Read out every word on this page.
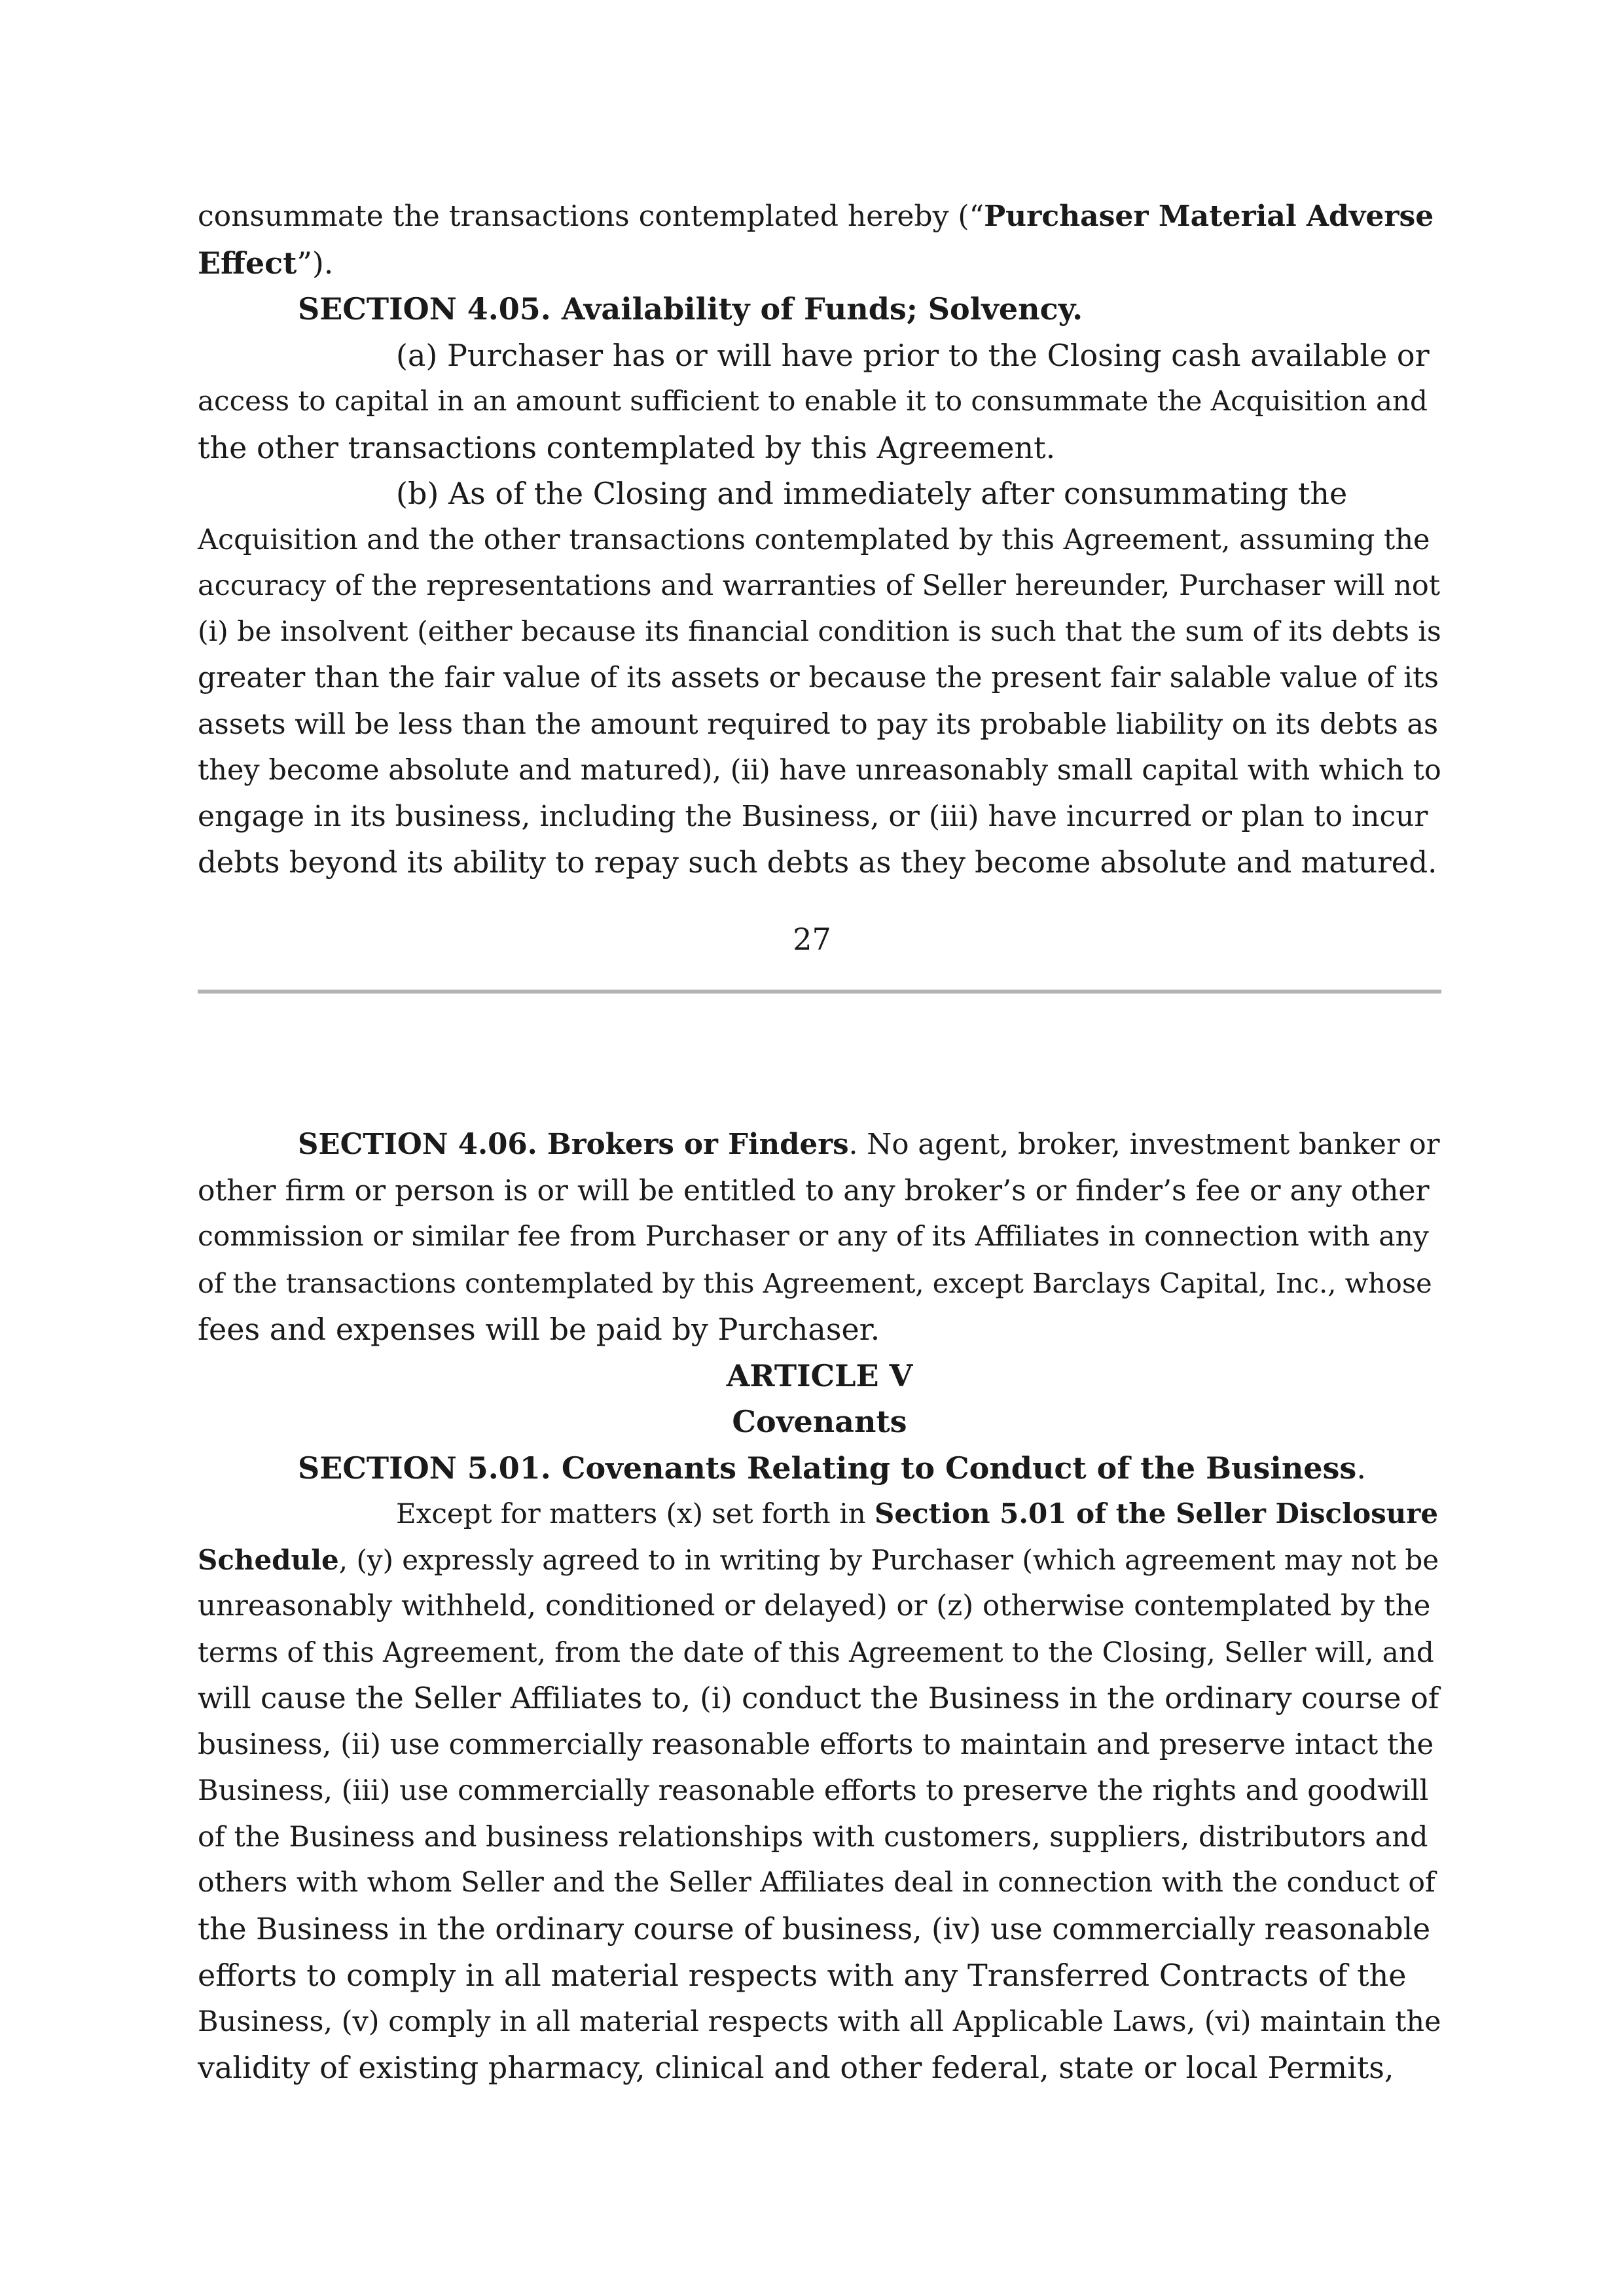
consummate the transactions contemplated hereby (“Purchaser Material Adverse
Effect”).
SECTION 4.05. Availability of Funds; Solvency.
(a) Purchaser has or will have prior to the Closing cash available or
access to capital in an amount sufficient to enable it to consummate the Acquisition and
the other transactions contemplated by this Agreement.
(b) As of the Closing and immediately after consummating the
Acquisition and the other transactions contemplated by this Agreement, assuming the
accuracy of the representations and warranties of Seller hereunder, Purchaser will not
(i) be insolvent (either because its financial condition is such that the sum of its debts is
greater than the fair value of its assets or because the present fair salable value of its
assets will be less than the amount required to pay its probable liability on its debts as
they become absolute and matured), (ii) have unreasonably small capital with which to
engage in its business, including the Business, or (iii) have incurred or plan to incur
debts beyond its ability to repay such debts as they become absolute and matured.
27
SECTION 4.06. Brokers or Finders. No agent, broker, investment banker or
other firm or person is or will be entitled to any broker’s or finder’s fee or any other
commission or similar fee from Purchaser or any of its Affiliates in connection with any
of the transactions contemplated by this Agreement, except Barclays Capital, Inc., whose
fees and expenses will be paid by Purchaser.
ARTICLE V
Covenants
SECTION 5.01. Covenants Relating to Conduct of the Business.
Except for matters (x) set forth in Section 5.01 of the Seller Disclosure
Schedule, (y) expressly agreed to in writing by Purchaser (which agreement may not be
unreasonably withheld, conditioned or delayed) or (z) otherwise contemplated by the
terms of this Agreement, from the date of this Agreement to the Closing, Seller will, and
will cause the Seller Affiliates to, (i) conduct the Business in the ordinary course of
business, (ii) use commercially reasonable efforts to maintain and preserve intact the
Business, (iii) use commercially reasonable efforts to preserve the rights and goodwill
of the Business and business relationships with customers, suppliers, distributors and
others with whom Seller and the Seller Affiliates deal in connection with the conduct of
the Business in the ordinary course of business, (iv) use commercially reasonable
efforts to comply in all material respects with any Transferred Contracts of the
Business, (v) comply in all material respects with all Applicable Laws, (vi) maintain the
validity of existing pharmacy, clinical and other federal, state or local Permits,
